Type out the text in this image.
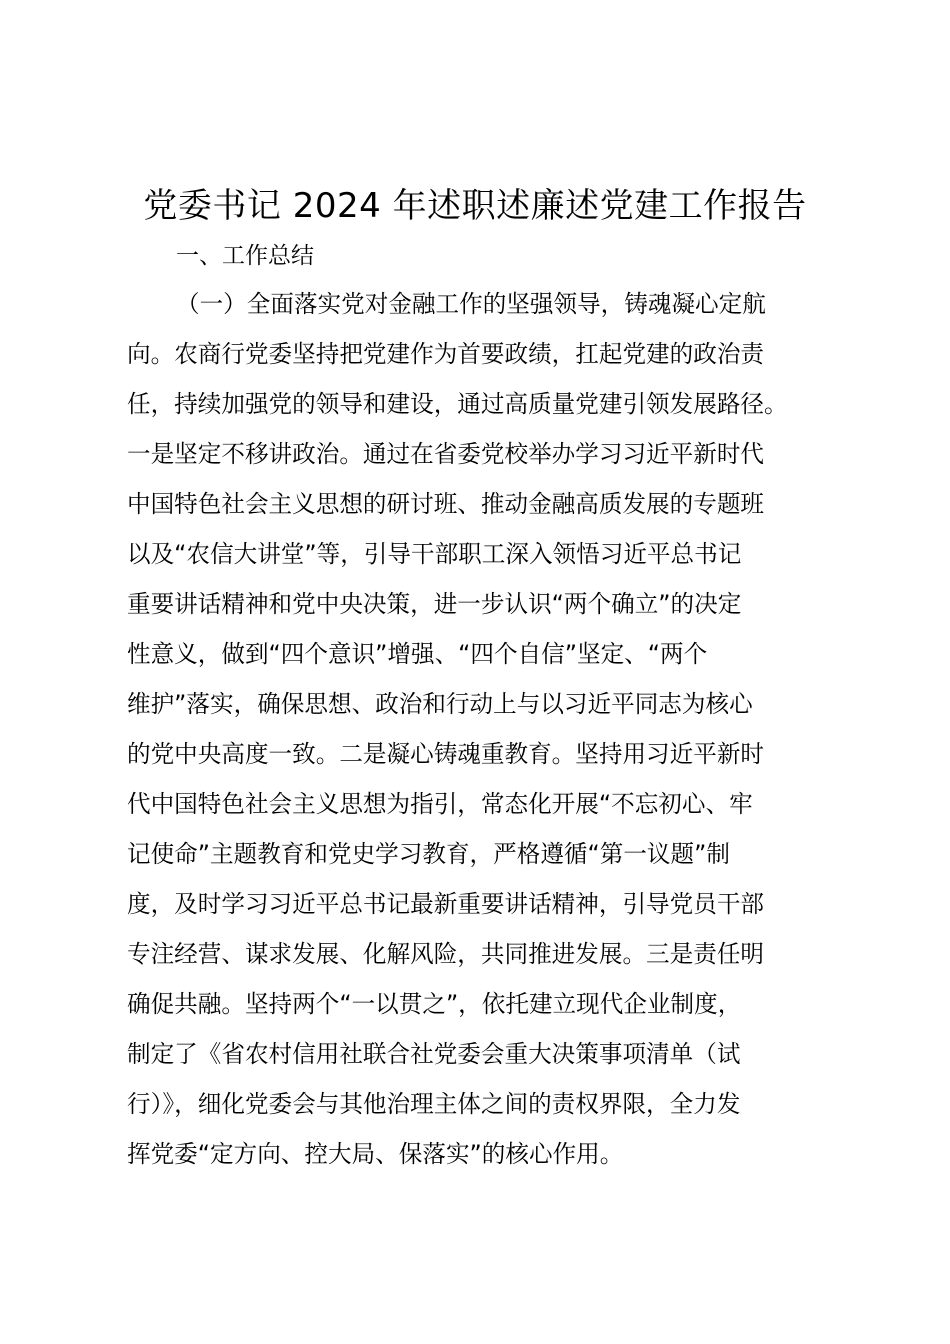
党委书记 2024 年述职述廉述党建工作报告

一、工作总结

（一）全面落实党对金融工作的坚强领导，铸魂凝心定航

向。农商行党委坚持把党建作为首要政绩，扛起党建的政治责

任，持续加强党的领导和建设，通过高质量党建引领发展路径。

一是坚定不移讲政治。通过在省委党校举办学习习近平新时代

中国特色社会主义思想的研讨班、推动金融高质发展的专题班

以及“农信大讲堂”等，引导干部职工深入领悟习近平总书记

重要讲话精神和党中央决策，进一步认识“两个确立”的决定

性意义，做到“四个意识”增强、“四个自信”坚定、“两个

维护”落实，确保思想、政治和行动上与以习近平同志为核心

的党中央高度一致。二是凝心铸魂重教育。坚持用习近平新时

代中国特色社会主义思想为指引，常态化开展“不忘初心、牢

记使命”主题教育和党史学习教育，严格遵循“第一议题”制

度，及时学习习近平总书记最新重要讲话精神，引导党员干部

专注经营、谋求发展、化解风险，共同推进发展。三是责任明

确促共融。坚持两个“一以贯之”，依托建立现代企业制度，

制定了《省农村信用社联合社党委会重大决策事项清单（试

行）》，细化党委会与其他治理主体之间的责权界限，全力发

挥党委“定方向、控大局、保落实”的核心作用。
